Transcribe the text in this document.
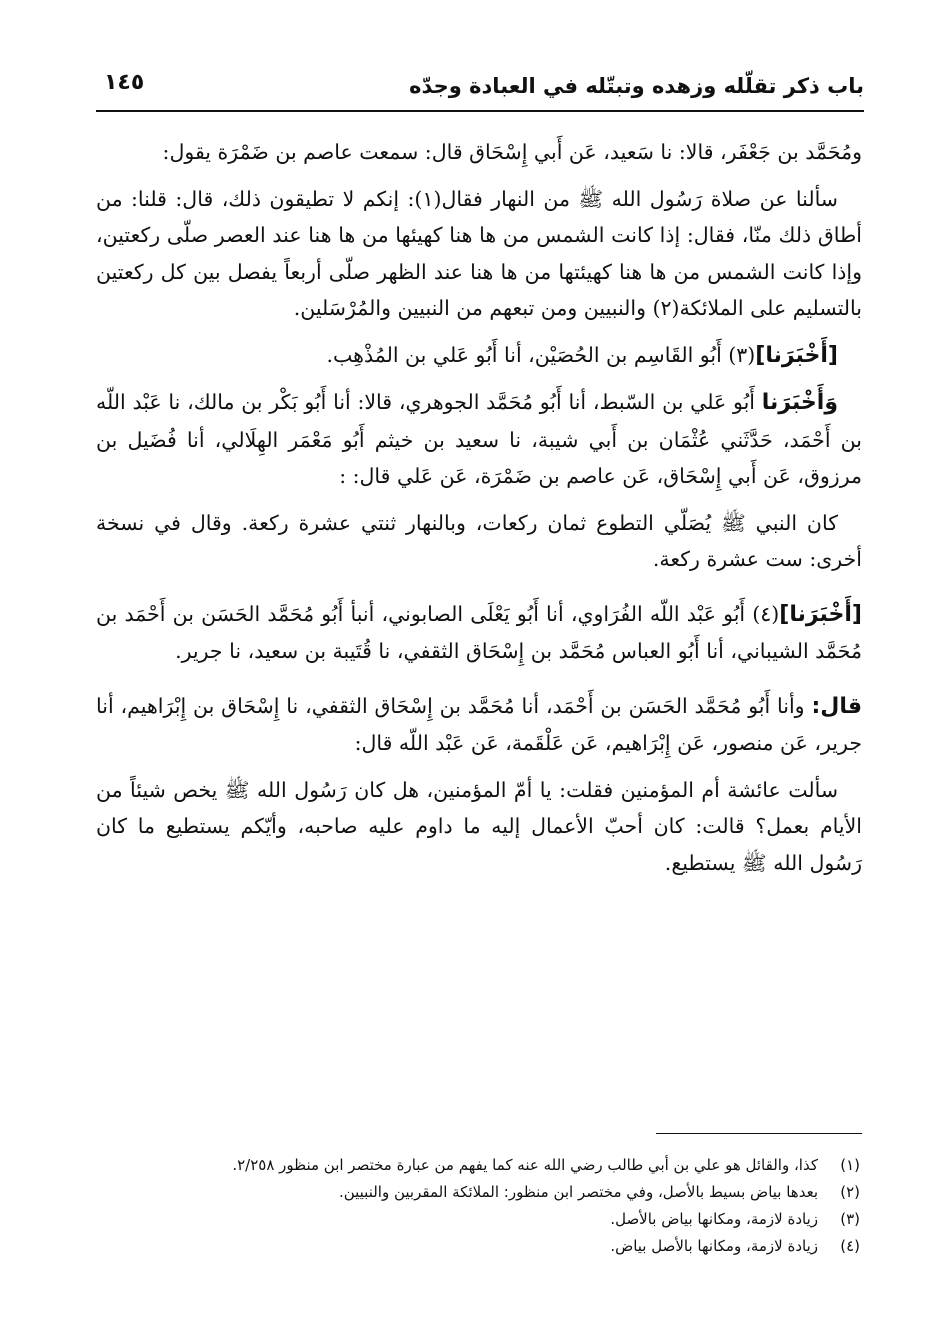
باب ذكر تقلّله وزهده وتبتّله في العبادة وجدّه
١٤٥

ومُحَمَّد بن جَعْفَر، قالا: نا سَعيد، عَن أَبي إِسْحَاق قال: سمعت عاصم بن ضَمْرَة يقول:

سألنا عن صلاة رَسُول الله ﷺ من النهار فقال(١): إنكم لا تطيقون ذلك، قال: قلنا: من أطاق ذلك منّا، فقال: إذا كانت الشمس من ها هنا كهيئها من ها هنا عند العصر صلّى ركعتين، وإذا كانت الشمس من ها هنا كهيئتها من ها هنا عند الظهر صلّى أربعاً يفصل بين كل ركعتين بالتسليم على الملائكة(٢) والنبيين ومن تبعهم من النبيين والمُرْسَلين.

[أَخْبَرَنا](٣) أَبُو القَاسِم بن الحُصَيْن، أنا أَبُو عَلي بن المُذْهِب.

وَأَخْبَرَنا أَبُو عَلي بن السّبط، أنا أَبُو مُحَمَّد الجوهري، قالا: أنا أَبُو بَكْر بن مالك، نا عَبْد اللّه بن أَحْمَد، حَدَّثَني عُثْمَان بن أَبي شيبة، نا سعيد بن خيثم أَبُو مَعْمَر الهِلَالي، أنا فُضَيل بن مرزوق، عَن أَبي إِسْحَاق، عَن عاصم بن ضَمْرَة، عَن عَلي قال: :

كان النبي ﷺ يُصَلّي التطوع ثمان ركعات، وبالنهار ثنتي عشرة ركعة. وقال في نسخة أخرى: ست عشرة ركعة.

[أَخْبَرَنا](٤) أَبُو عَبْد اللّه الفُرَاوي، أنا أَبُو يَعْلَى الصابوني، أنبأ أَبُو مُحَمَّد الحَسَن بن أَحْمَد بن مُحَمَّد الشيباني، أنا أَبُو العباس مُحَمَّد بن إِسْحَاق الثقفي، نا قُتَيبة بن سعيد، نا جرير.

قال: وأنا أَبُو مُحَمَّد الحَسَن بن أَحْمَد، أنا مُحَمَّد بن إِسْحَاق الثقفي، نا إِسْحَاق بن إِبْرَاهيم، أنا جرير، عَن منصور، عَن إِبْرَاهيم، عَن عَلْقَمة، عَن عَبْد اللّه قال:

سألت عائشة أم المؤمنين فقلت: يا أمّ المؤمنين، هل كان رَسُول الله ﷺ يخص شيئاً من الأيام بعمل؟ قالت: كان أحبّ الأعمال إليه ما داوم عليه صاحبه، وأيّكم يستطيع ما كان رَسُول الله ﷺ يستطيع.

(١)
كذا، والقائل هو علي بن أبي طالب رضي الله عنه كما يفهم من عبارة مختصر ابن منظور ٢/٢٥٨.
(٢)
بعدها بياض بسيط بالأصل، وفي مختصر ابن منظور: الملائكة المقربين والنبيين.
(٣)
زيادة لازمة، ومكانها بياض بالأصل.
(٤)
زيادة لازمة، ومكانها بالأصل بياض.
